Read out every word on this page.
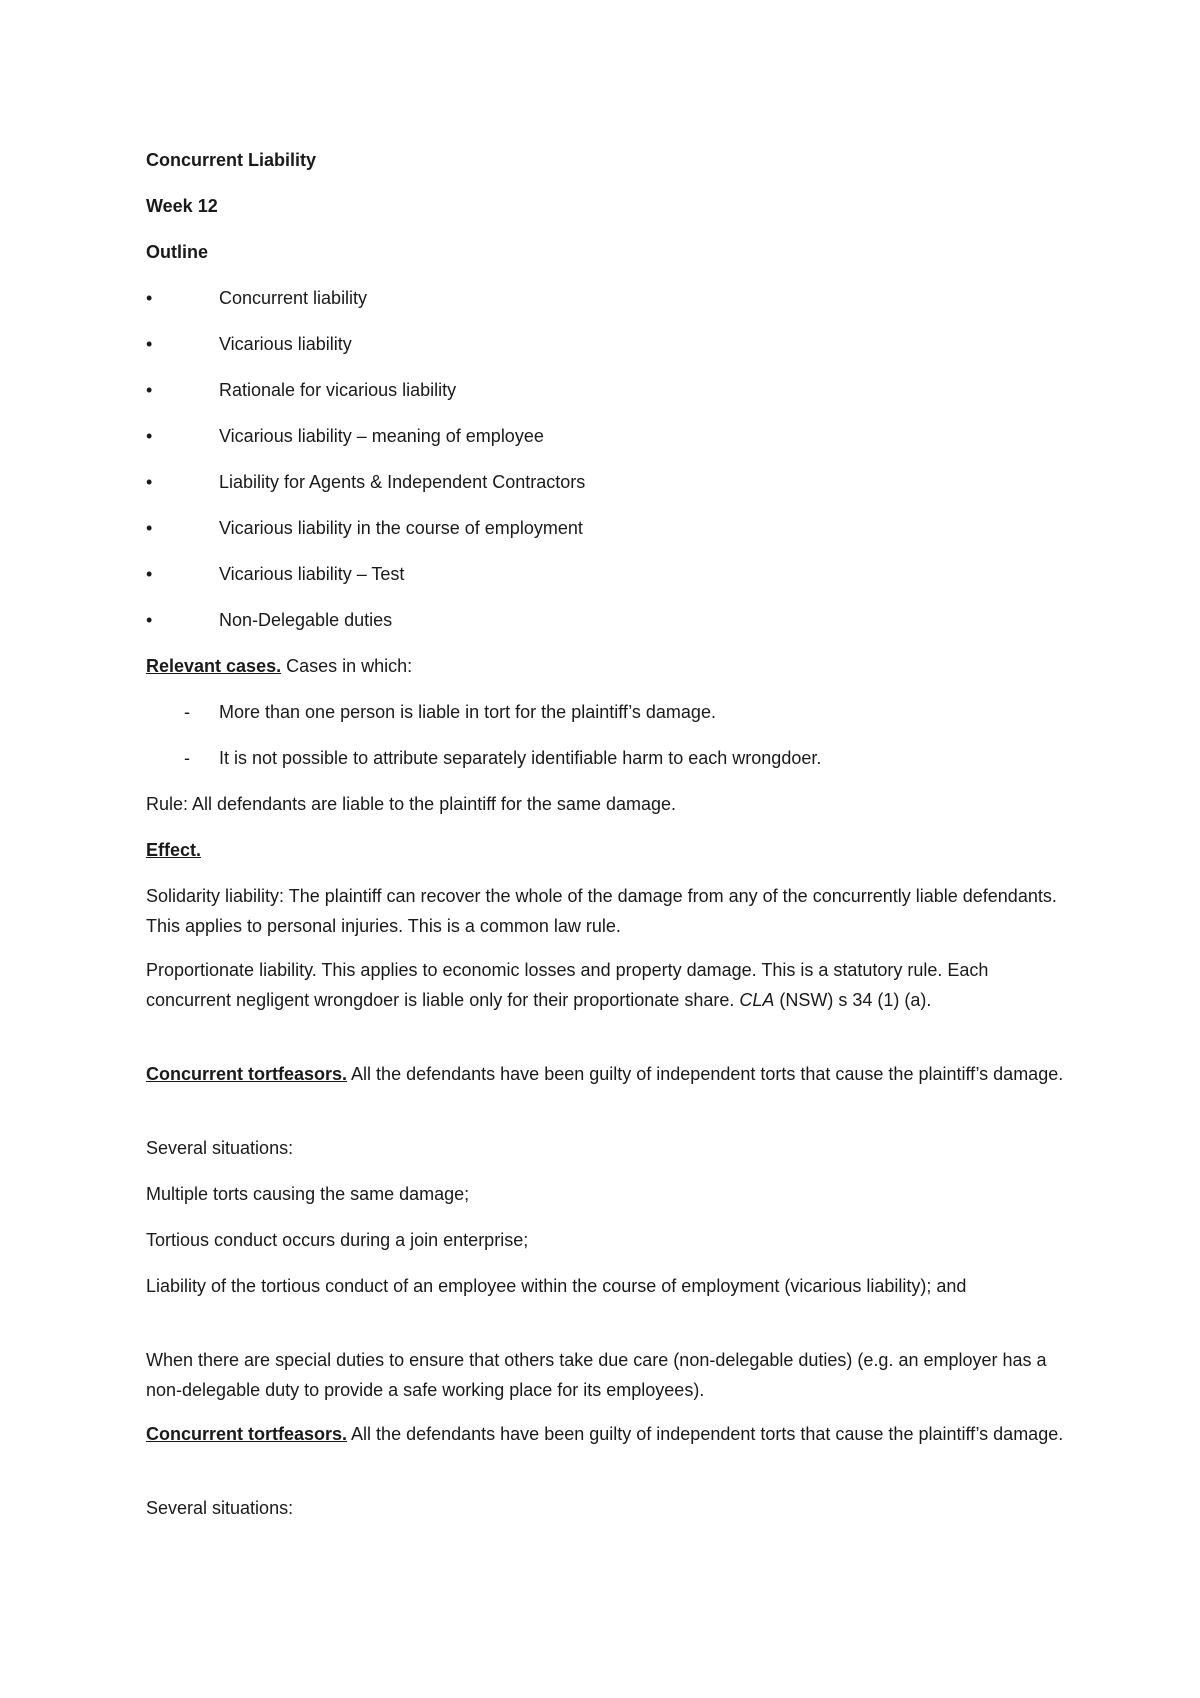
Concurrent Liability
Week 12
Outline
•	Concurrent liability
•	Vicarious liability
•	Rationale for vicarious liability
•	Vicarious liability – meaning of employee
•	Liability for Agents & Independent Contractors
•	Vicarious liability in the course of employment
•	Vicarious liability – Test
•	Non-Delegable duties
Relevant cases. Cases in which:
- More than one person is liable in tort for the plaintiff’s damage.
- It is not possible to attribute separately identifiable harm to each wrongdoer.
Rule: All defendants are liable to the plaintiff for the same damage.
Effect.

Solidarity liability: The plaintiff can recover the whole of the damage from any of the concurrently liable defendants. This applies to personal injuries. This is a common law rule.

Proportionate liability. This applies to economic losses and property damage. This is a statutory rule. Each concurrent negligent wrongdoer is liable only for their proportionate share. CLA (NSW) s 34 (1) (a).

Concurrent tortfeasors. All the defendants have been guilty of independent torts that cause the plaintiff’s damage.

Several situations:
Multiple torts causing the same damage;
Tortious conduct occurs during a join enterprise;

Liability of the tortious conduct of an employee within the course of employment (vicarious liability); and

When there are special duties to ensure that others take due care (non-delegable duties) (e.g. an employer has a non-delegable duty to provide a safe working place for its employees).

Concurrent tortfeasors. All the defendants have been guilty of independent torts that cause the plaintiff’s damage.

Several situations:
